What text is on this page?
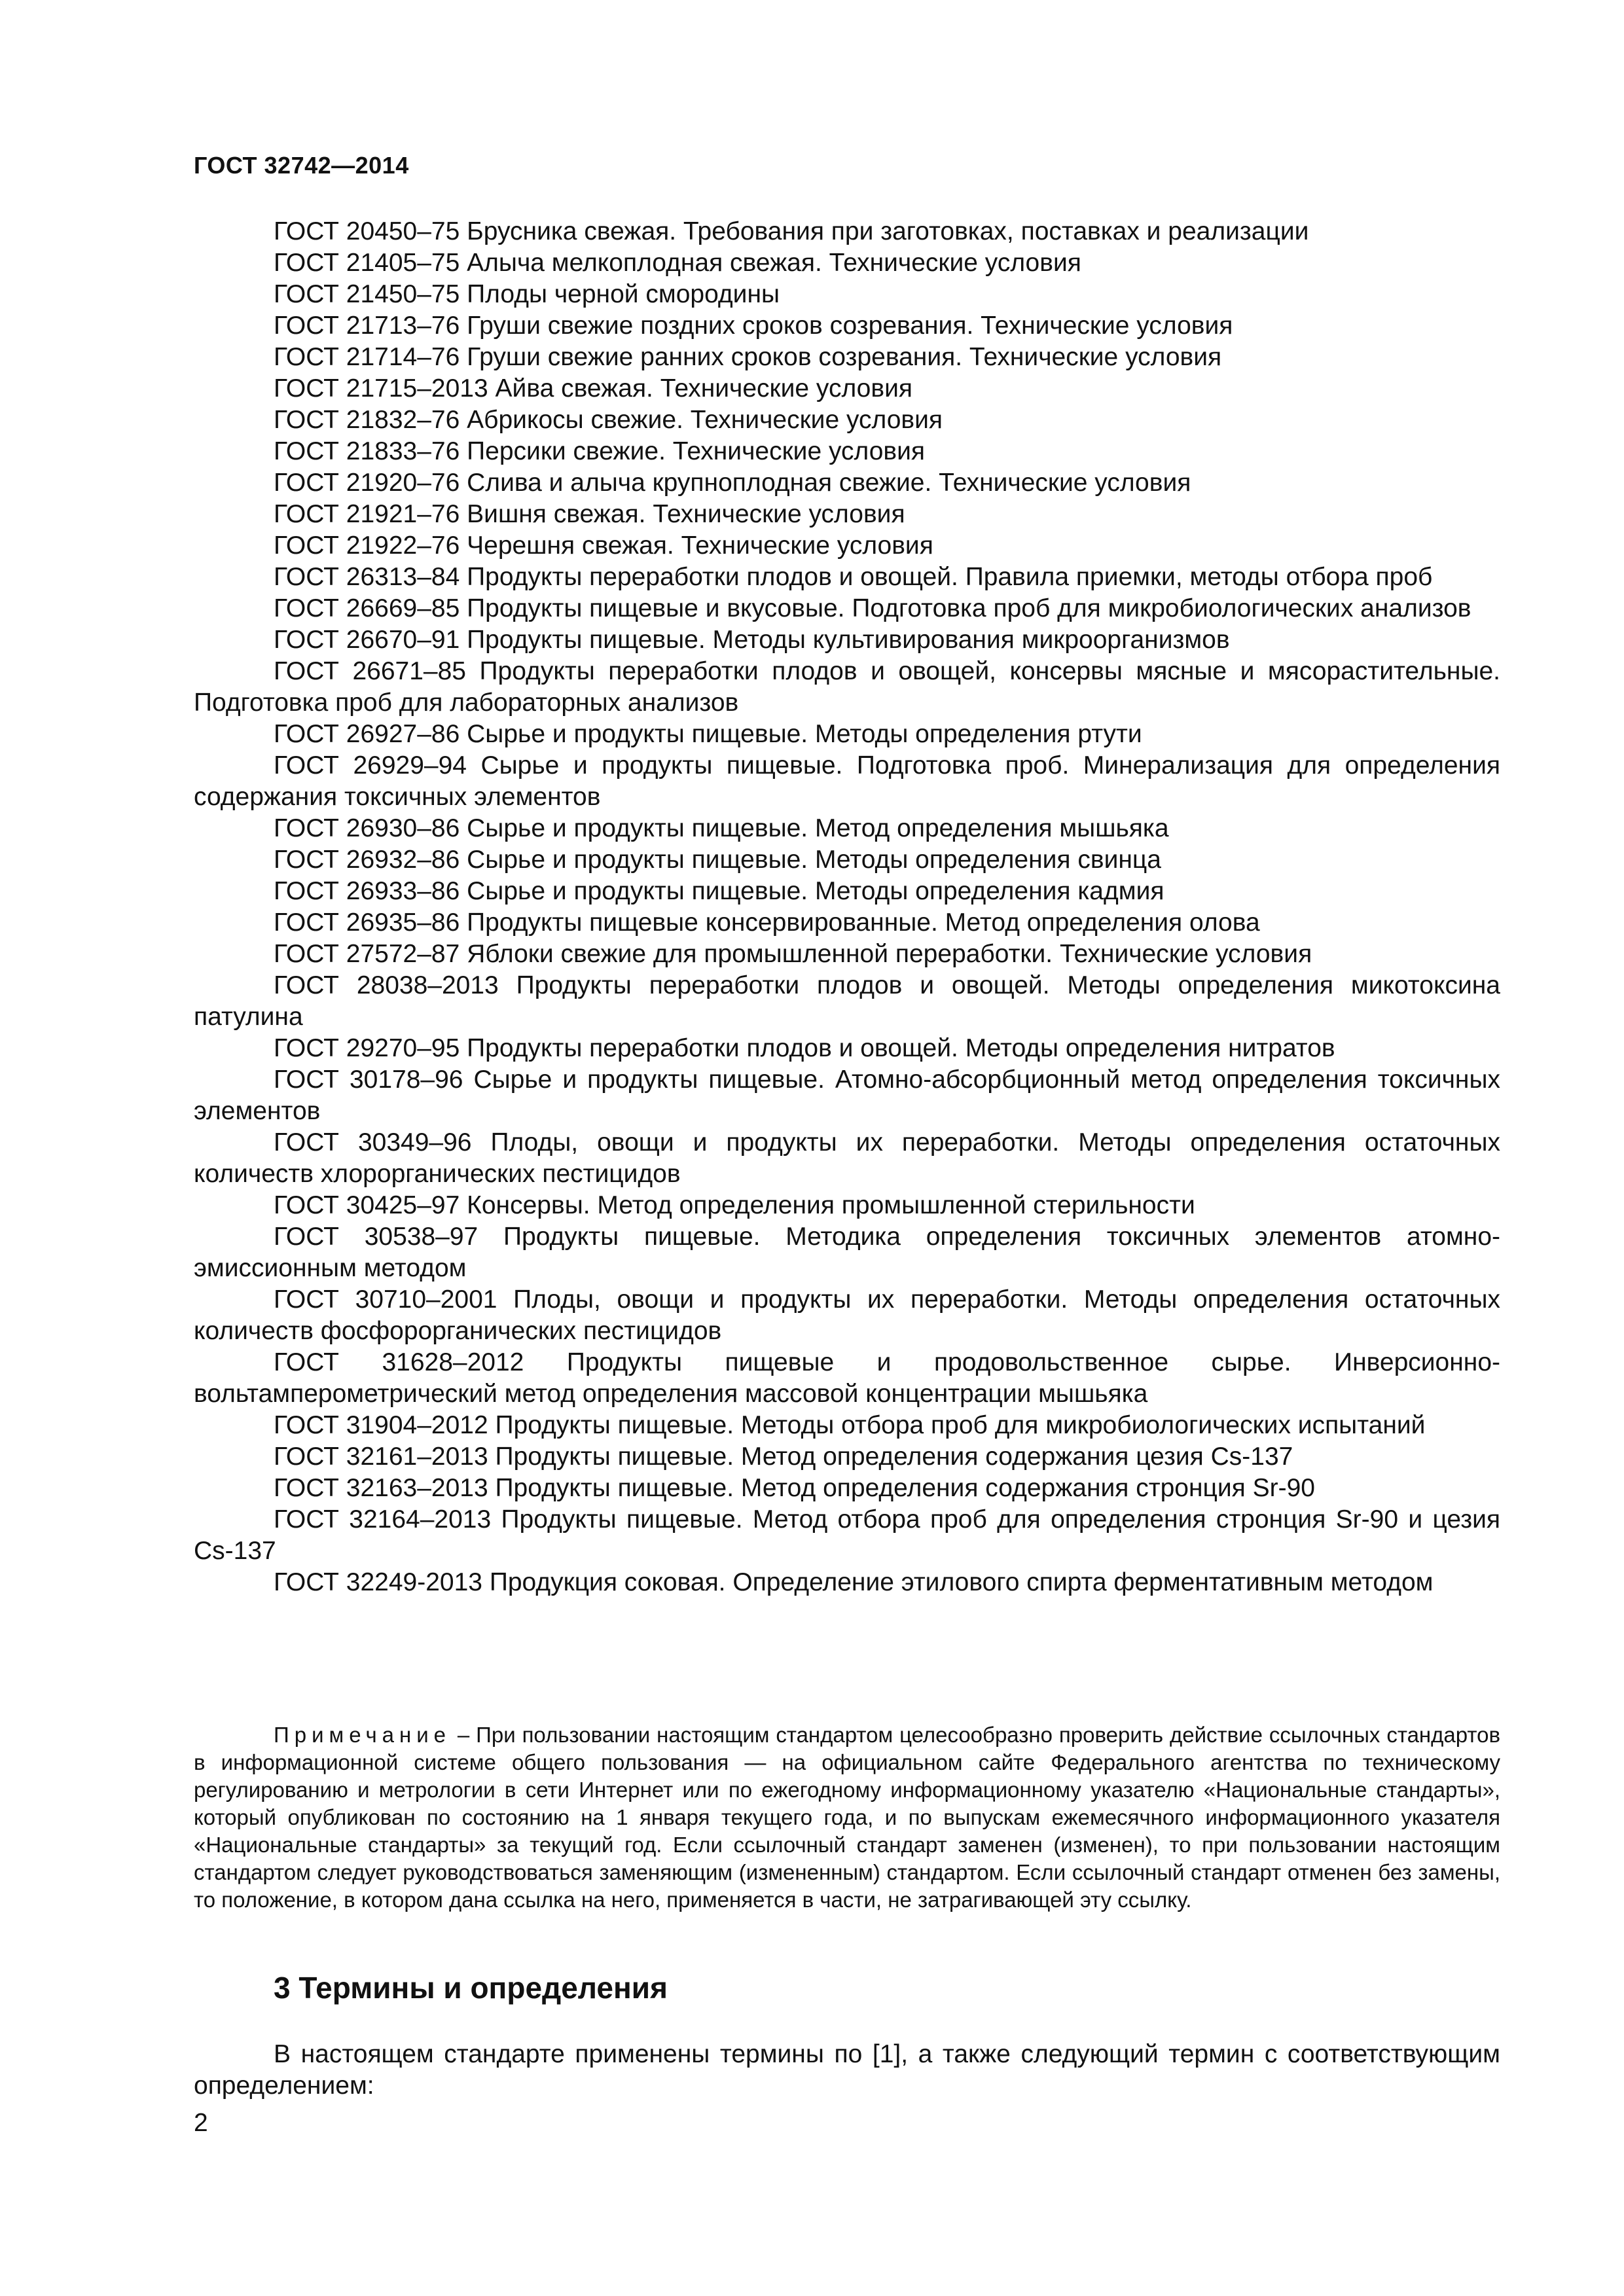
ГОСТ 32742—2014

ГОСТ 20450–75 Брусника свежая. Требования при заготовках, поставках и реализации

ГОСТ 21405–75 Алыча мелкоплодная свежая. Технические условия

ГОСТ 21450–75 Плоды черной смородины

ГОСТ 21713–76 Груши свежие поздних сроков созревания. Технические условия

ГОСТ 21714–76 Груши свежие ранних сроков созревания. Технические условия

ГОСТ 21715–2013 Айва свежая. Технические условия

ГОСТ 21832–76 Абрикосы свежие. Технические условия

ГОСТ 21833–76 Персики свежие. Технические условия

ГОСТ 21920–76 Слива и алыча крупноплодная свежие. Технические условия

ГОСТ 21921–76 Вишня свежая. Технические условия

ГОСТ 21922–76 Черешня свежая. Технические условия

ГОСТ 26313–84 Продукты переработки плодов и овощей. Правила приемки, методы отбора проб

ГОСТ 26669–85 Продукты пищевые и вкусовые. Подготовка проб для микробиологических анализов

ГОСТ 26670–91 Продукты пищевые. Методы культивирования микроорганизмов

ГОСТ 26671–85 Продукты переработки плодов и овощей, консервы мясные и мясорастительные. Подготовка проб для лабораторных анализов

ГОСТ 26927–86 Сырье и продукты пищевые. Методы определения ртути

ГОСТ 26929–94 Сырье и продукты пищевые. Подготовка проб. Минерализация для определения содержания токсичных элементов

ГОСТ 26930–86 Сырье и продукты пищевые. Метод определения мышьяка

ГОСТ 26932–86 Сырье и продукты пищевые. Методы определения свинца

ГОСТ 26933–86 Сырье и продукты пищевые. Методы определения кадмия

ГОСТ 26935–86 Продукты пищевые консервированные. Метод определения олова

ГОСТ 27572–87 Яблоки свежие для промышленной переработки. Технические условия

ГОСТ 28038–2013 Продукты переработки плодов и овощей. Методы определения микотоксина патулина

ГОСТ 29270–95 Продукты переработки плодов и овощей. Методы определения нитратов

ГОСТ 30178–96 Сырье и продукты пищевые. Атомно-абсорбционный метод определения токсичных элементов

ГОСТ 30349–96 Плоды, овощи и продукты их переработки. Методы определения остаточных количеств хлорорганических пестицидов

ГОСТ 30425–97 Консервы. Метод определения промышленной стерильности

ГОСТ 30538–97 Продукты пищевые. Методика определения токсичных элементов атомно-эмиссионным методом

ГОСТ 30710–2001 Плоды, овощи и продукты их переработки. Методы определения остаточных количеств фосфорорганических пестицидов

ГОСТ 31628–2012 Продукты пищевые и продовольственное сырье. Инверсионно-вольтамперометрический метод определения массовой концентрации мышьяка

ГОСТ 31904–2012 Продукты пищевые. Методы отбора проб для микробиологических испытаний

ГОСТ 32161–2013 Продукты пищевые. Метод определения содержания цезия Cs-137

ГОСТ 32163–2013 Продукты пищевые. Метод определения содержания стронция Sr-90

ГОСТ 32164–2013 Продукты пищевые. Метод отбора проб для определения стронция Sr-90 и цезия Cs-137

ГОСТ 32249-2013 Продукция соковая. Определение этилового спирта ферментативным методом

Примечание – При пользовании настоящим стандартом целесообразно проверить действие ссылочных стандартов в информационной системе общего пользования — на официальном сайте Федерального агентства по техническому регулированию и метрологии в сети Интернет или по ежегодному информационному указателю «Национальные стандарты», который опубликован по состоянию на 1 января текущего года, и по выпускам ежемесячного информационного указателя «Национальные стандарты» за текущий год. Если ссылочный стандарт заменен (изменен), то при пользовании настоящим стандартом следует руководствоваться заменяющим (измененным) стандартом. Если ссылочный стандарт отменен без замены, то положение, в котором дана ссылка на него, применяется в части, не затрагивающей эту ссылку.
3 Термины и определения
В настоящем стандарте применены термины по [1], а также следующий термин с соответствующим определением:
2
